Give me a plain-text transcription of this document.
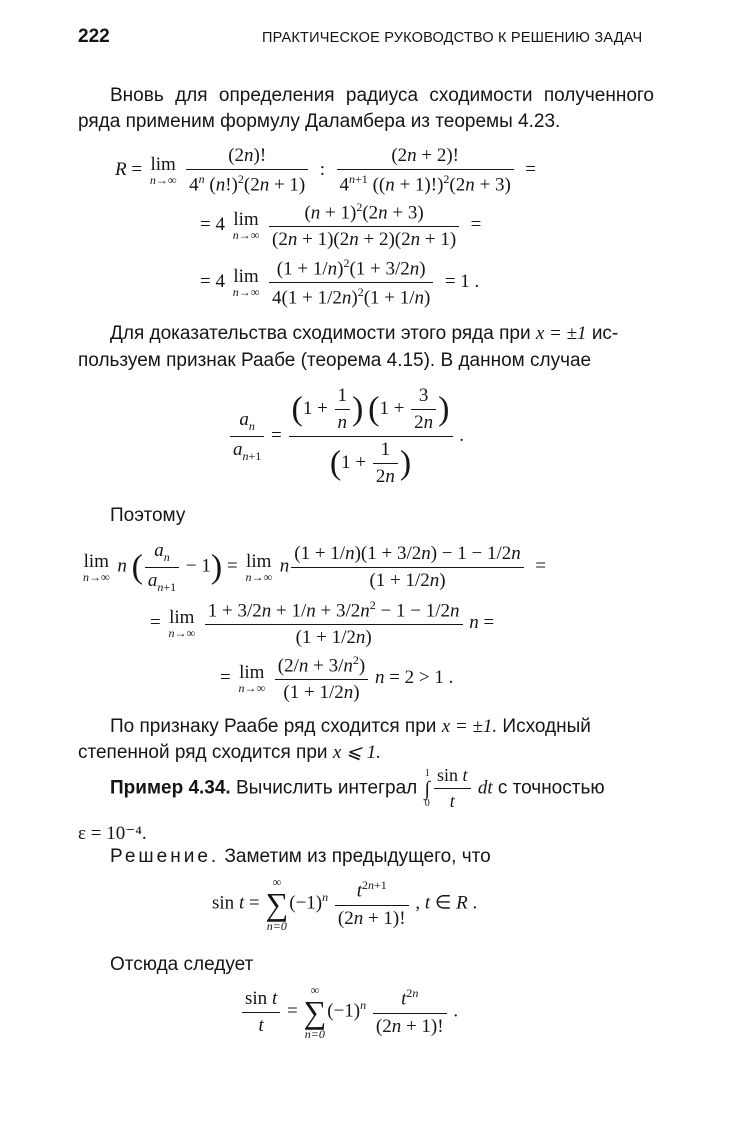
222	ПРАКТИЧЕСКОЕ РУКОВОДСТВО К РЕШЕНИЮ ЗАДАЧ
Вновь для определения радиуса сходимости полученного
ряда применим формулу Даламбера из теоремы 4.23.
R = lim
n→∞
$\frac{(2n)!}{4^n (n!)^2(2n + 1)}$ : $\frac{(2n + 2)!}{4^{n+1} ((n + 1)!)^2(2n + 3)}$ =
= 4 lim
n→∞
$\frac{(n + 1)^2(2n + 3)}{(2n + 1)(2n + 2)(2n + 1)}$ =
= 4 lim
n→∞
$\frac{(1 + 1/n)^2(1 + 3/2n)}{4(1 + 1/2n)^2(1 + 1/n)} = 1$ .
Для доказательства сходимости этого ряда при x = ±1 ис-
пользуем признак Раабе (теорема 4.15). В данном случае
$\frac{a_n}{a_{n+1}} = \frac{(1 + \frac{1}{n} ) (1 + \frac{3}{2n} )}{(1 + \frac{1}{2n} )}$ .
Поэтому
lim
n→∞
n ( $\frac{a_n}{a_{n+1}} - 1) = \lim$
n→∞
n $\frac{(1 + 1/n)(1 + 3/2n) - 1 - 1/2n}{(1 + 1/2n)}$ =
= lim
n→∞
$\frac{1 + 3/2n + 1/n + 3/2n^2 - 1 - 1/2n}{(1 + 1/2n)}$ n =
= lim
n→∞
$\frac{(2/n + 3/n^2)}{(1 + 1/2n)}$ n = 2 > 1 .
По признаку Раабе ряд сходится при x = ±1. Исходный
степенной ряд сходится при x ⩽ 1.
Пример 4.34. Вычислить интеграл
1
∫
$0 \frac{\text{sin t}}{t}$ dt с точностью
ε = 10⁻⁴.
Решение. Заметим из предыдущего, что
sin t =
∞
∑
n=0
$(-1)^n \frac{t^{2n+1}}{(2n + 1)!}$ , t ∈ R .
Отсюда следует
$\frac{\text{sin t}}{t}$ =
∞
∑
n=0
$(-1)^n \frac{t^{2n}}{(2n + 1)!}$ .
